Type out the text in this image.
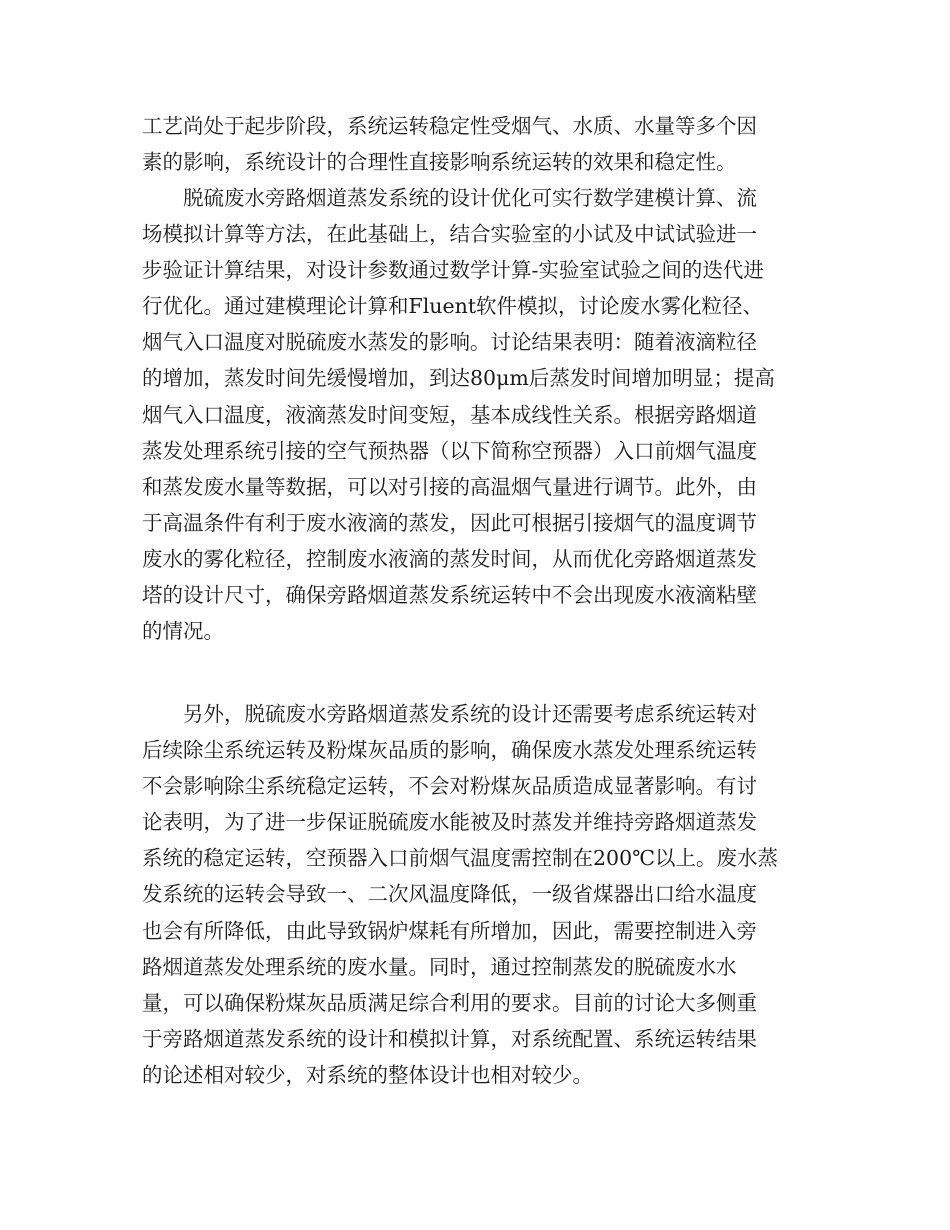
工艺尚处于起步阶段，系统运转稳定性受烟气、水质、水量等多个因
素的影响，系统设计的合理性直接影响系统运转的效果和稳定性。

脱硫废水旁路烟道蒸发系统的设计优化可实行数学建模计算、流
场模拟计算等方法，在此基础上，结合实验室的小试及中试试验进一
步验证计算结果，对设计参数通过数学计算-实验室试验之间的迭代进
行优化。通过建模理论计算和Fluent软件模拟，讨论废水雾化粒径、
烟气入口温度对脱硫废水蒸发的影响。讨论结果表明：随着液滴粒径
的增加，蒸发时间先缓慢增加，到达80μm后蒸发时间增加明显；提高
烟气入口温度，液滴蒸发时间变短，基本成线性关系。根据旁路烟道
蒸发处理系统引接的空气预热器（以下简称空预器）入口前烟气温度
和蒸发废水量等数据，可以对引接的高温烟气量进行调节。此外，由
于高温条件有利于废水液滴的蒸发，因此可根据引接烟气的温度调节
废水的雾化粒径，控制废水液滴的蒸发时间，从而优化旁路烟道蒸发
塔的设计尺寸，确保旁路烟道蒸发系统运转中不会出现废水液滴粘壁
的情况。

另外，脱硫废水旁路烟道蒸发系统的设计还需要考虑系统运转对
后续除尘系统运转及粉煤灰品质的影响，确保废水蒸发处理系统运转
不会影响除尘系统稳定运转，不会对粉煤灰品质造成显著影响。有讨
论表明，为了进一步保证脱硫废水能被及时蒸发并维持旁路烟道蒸发
系统的稳定运转，空预器入口前烟气温度需控制在200℃以上。废水蒸
发系统的运转会导致一、二次风温度降低，一级省煤器出口给水温度
也会有所降低，由此导致锅炉煤耗有所增加，因此，需要控制进入旁
路烟道蒸发处理系统的废水量。同时，通过控制蒸发的脱硫废水水
量，可以确保粉煤灰品质满足综合利用的要求。目前的讨论大多侧重
于旁路烟道蒸发系统的设计和模拟计算，对系统配置、系统运转结果
的论述相对较少，对系统的整体设计也相对较少。
